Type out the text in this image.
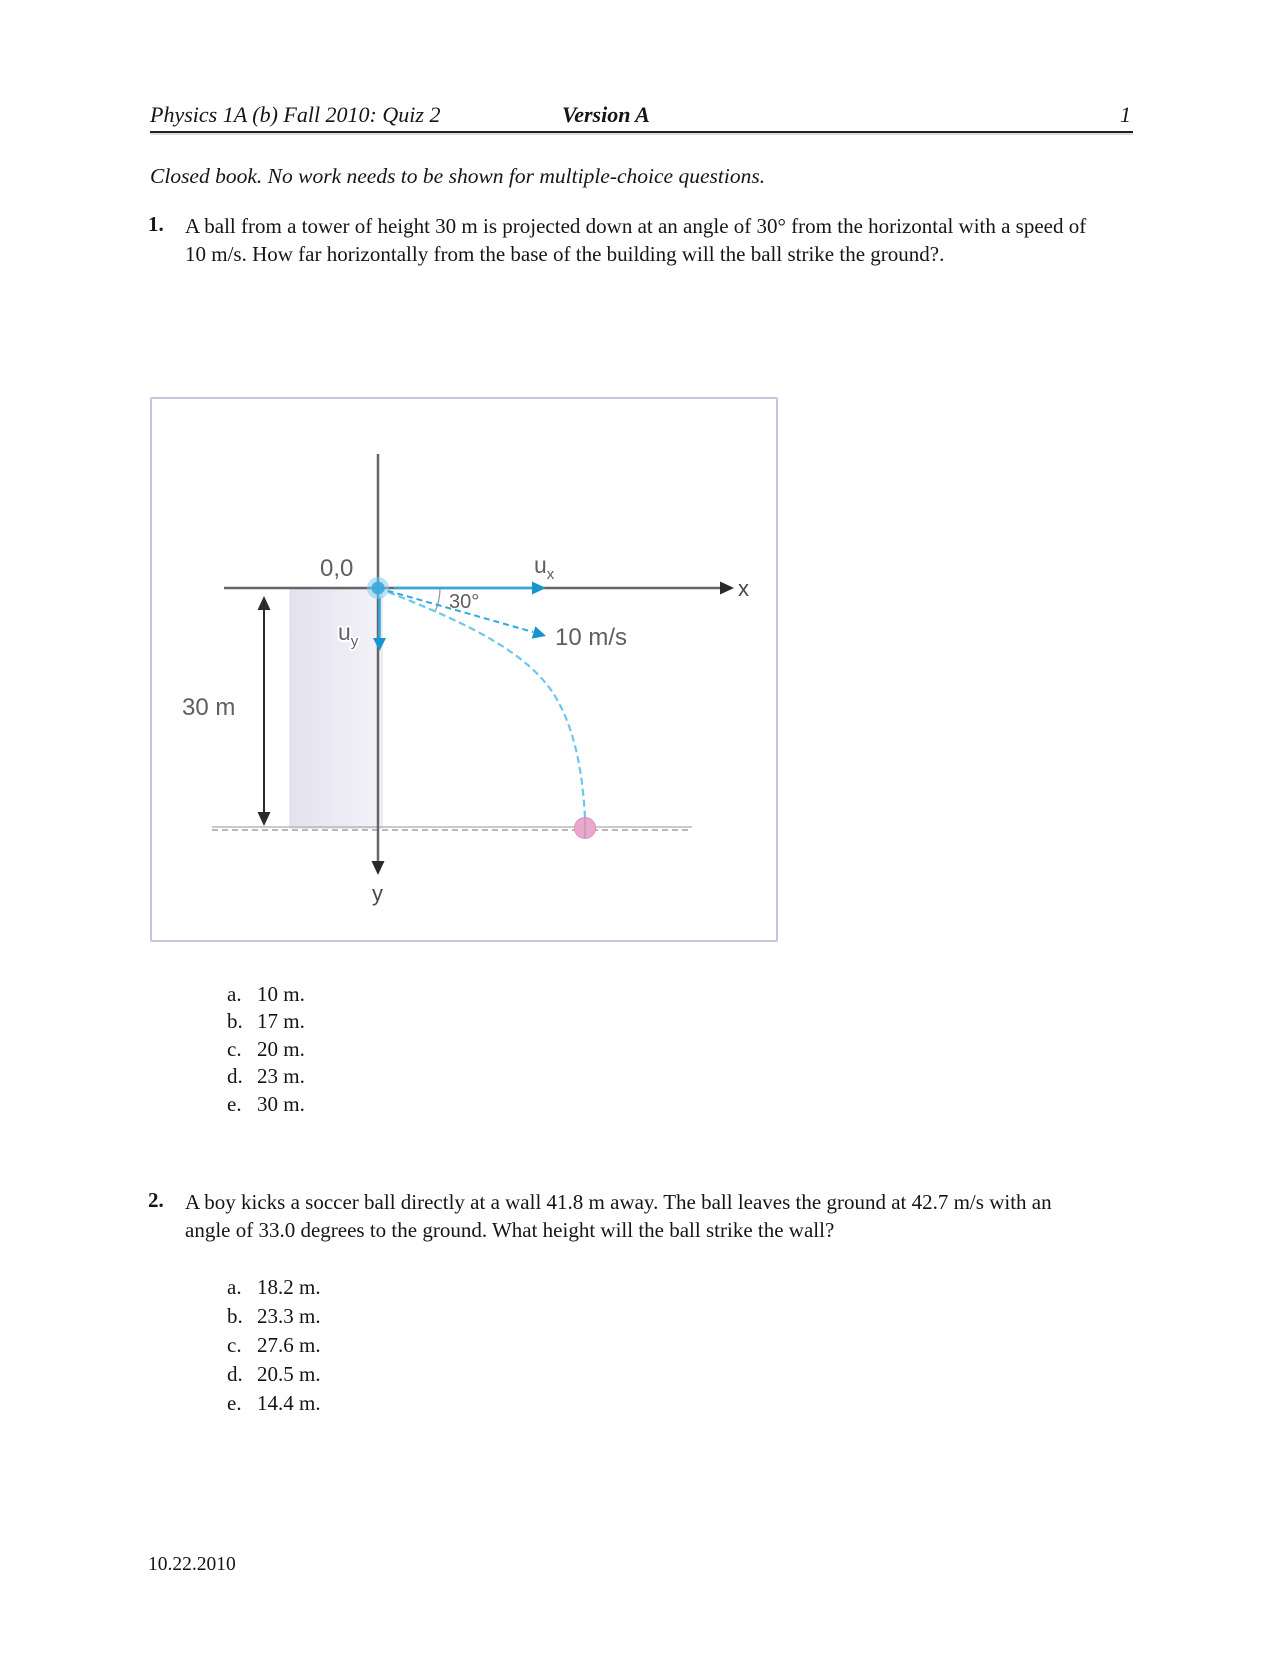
Physics 1A (b) Fall 2010: Quiz 2	Version A	1
Closed book. No work needs to be shown for multiple-choice questions.
1. A ball from a tower of height 30 m is projected down at an angle of 30° from the horizontal with a speed of 10 m/s. How far horizontally from the base of the building will the ball strike the ground?.
x
y
30 m
30°
10 m/s
$u_x$
$u_y$
0,0
a. 10 m.
b. 17 m.
c. 20 m.
d. 23 m.
e. 30 m.
2. A boy kicks a soccer ball directly at a wall 41.8 m away. The ball leaves the ground at 42.7 m/s with an angle of 33.0 degrees to the ground. What height will the ball strike the wall?
a. 18.2 m.
b. 23.3 m.
c. 27.6 m.
d. 20.5 m.
e. 14.4 m.
10.22.2010
